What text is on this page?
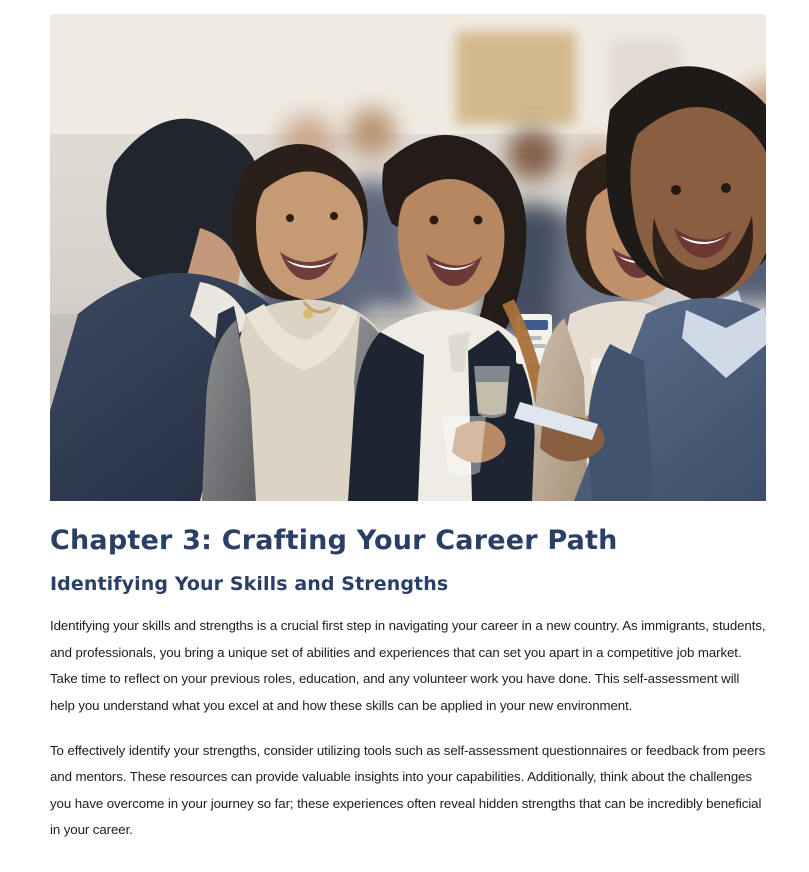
Chapter 3: Crafting Your Career Path
Identifying Your Skills and Strengths

Identifying your skills and strengths is a crucial first step in navigating your career in a new country. As immigrants, students, and professionals, you bring a unique set of abilities and experiences that can set you apart in a competitive job market. Take time to reflect on your previous roles, education, and any volunteer work you have done. This self-assessment will help you understand what you excel at and how these skills can be applied in your new environment.

To effectively identify your strengths, consider utilizing tools such as self-assessment questionnaires or feedback from peers and mentors. These resources can provide valuable insights into your capabilities. Additionally, think about the challenges you have overcome in your journey so far; these experiences often reveal hidden strengths that can be incredibly beneficial in your career.
